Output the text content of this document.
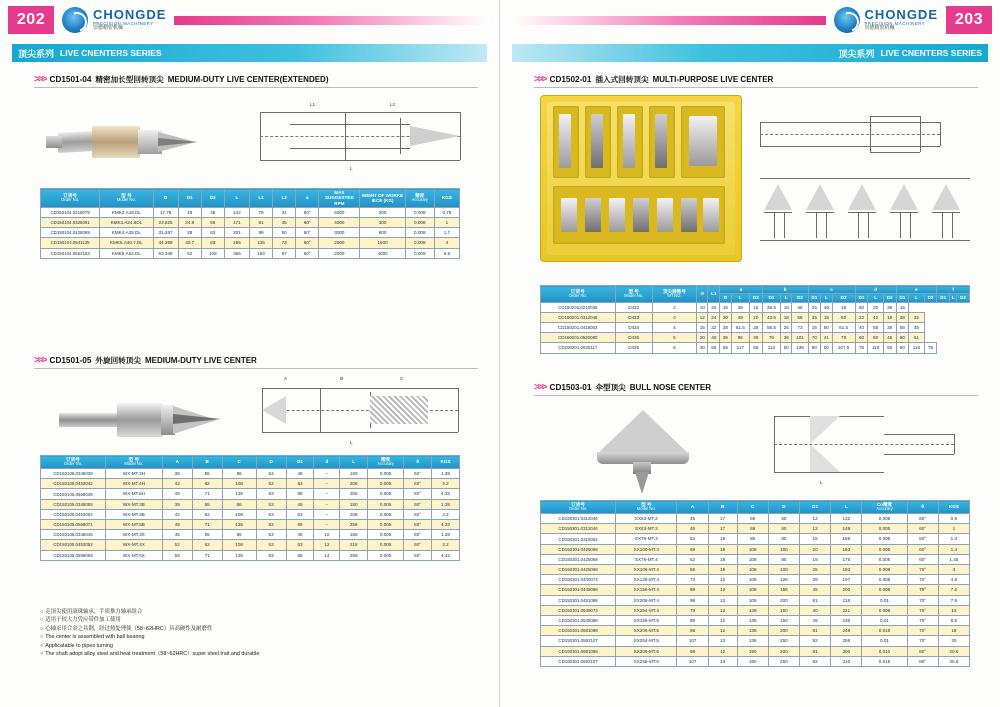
202	CHONGDE
PRECISION MACHINERY
崇德精密机械
顶尖系列 LIVE CNENTERS SERIES
>>> CD1501-04 精密加长型回转顶尖 MEDIUM-DUTY LIVE CENTER(EXTENDED)
L1	L2
L
订货号
Order No.	型 号
Model No.	D	D1	D2	L	L1	L2	a	MAX SUGGESTED RPM	WEIHT OF WORKE IECE (KG)	精度
Accurary	KGS
CD150104.0218079	KMK2.A18.DL	17.78	18	48	142	79	34	60°	5000	200	0.008	0.75
CD150104.0325091	KMK3.A24.6DL	23.825	24.8	56	171	91	45	60°	4000	300	0.008	1
CD150104.0428099	KMK4.A28.DL	31.267	28	63	201	99	50	60°	3000	600	0.008	1.7
CD150104.0541135	KMK5.A40.7.DL	44.399	40.7	83	265	135	73	60°	2500	1500	0.008	4
CD150104.0652183	KMK5.A52.DL	63.348	52	108	365	183	97	60°	2000	4000	0.008	9.8
>>> CD1501-05 外旋回转顶尖 MEDIUM-DUTY LIVE CENTER
A	B	C
L
订货号
Order No.	型 号
Model No.	A	B	C	D	D1	d	L	精度
Accurary	θ	KGS
CD150105.0345039	WX-MT.3H	39	55	86	53	45	--	180	0.005	60°	1.28
CD150105.0453042	WX-MT.4H	42	62	108	53	63	--	208	0.005	60°	2.2
CD150105.0568049	WX-MT.5H	49	71	136	83	68	--	256	0.005	60°	4.33
CD150105.0345055	WX-MT.3B	39	55	86	53	45	--	180	0.005	60°	1.28
CD150105.0453062	WX-MT.4B	42	62	108	63	63	--	208	0.005	60°	2.2
CD150105.0569071	WX-MT.5B	49	71	136	83	68	--	256	0.005	60°	4.33
CD150105.0345045	WX-MT.3X	45	55	86	53	45	10	186	0.005	60°	1.28
CD150105.0453052	WX-MT.4X	52	62	108	53	63	12	218	0.005	60°	2.2
CD150105.0568059	WX-MT.5X	59	71	136	83	68	14	266	0.005	60°	4.42
○ 走顶尖使用滚珠轴承，手质推力轴承组合
○ 适用于较大力凭应带件加工使用
○ 心轴采用合金之具钢，经过热处理使（58~62HRC）具高硬性及耐磨性
○ The center is assembled with ball bearing
○ Applicatable to pipes turning
○ The shaft adopt alloy steel and heat treatment（58~62HRC）super steel trait and durable
203
CHONGDE
PRECISION MACHINERY
崇德精密机械
顶尖系列 LIVE CNENTERS SERIES
>>> CD1502-01 插入式回转顶尖 MULTI-PURPOSE LIVE CENTER
订货号
Order No.	型 号
Model No.	顶尖圆锥号
MT.NO.	D	L1	a			b			c			d			e			f		
					D	L	D2	D1	L	D2	D1	L	D2	D1	L	D2	D1	L	D2	D1	L	D2
CD150201.0210039	D432	2	10	20	16	39	16	35.5	18	46	25	49	18	50	20	39	16					
CD150201.0312046	D433	3	12	24	20	48	20	43.5	18	56	35	15	50	22	42	18	38	22				
CD150201.0415002	D434	4	15	32	28	61.5	28	55.5	26	73	15	50	61.5	40	55	35	56	45				
CD150201.0520080	D435	5	20	40	36	86	36	76	36	101	70	41	78	60	80	45	80	61				
CD150201.0630117	D436	6	30	55	55	117	55	113	50	138	90	50	107.5	75	110	60	90	116	75			
>>> CD1503-01 伞型顶尖 BULL NOSE CENTER
L
订货号
Order No.	型 号
Model No.	A	B	C	D	D1	L	Co精度
Accurary	θ	KGS
CD150301.0312046	SX63-MT.2	45	17	69	60	12	132	0.005	60°	0.9
CD150301.0312046	SX63-MT.3	45	17	69	60	12	149	0.005	60°	1
CD150301.0315052	SX76-MT.3	52	18	86	80	15	156	0.005	60°	1.3
CD150301.0425069	SX100-MT.3	69	18	108	100	20	163	0.005	60°	1.4
CD150301.0425069	SX76-MT.4	52	18	108	80	15	178	0.005	60°	1.45
CD150301.0425069	SX106-MT.4	59	16	108	100	25	183	0.008	70°	3
CD150301.0440073	SX128-MT.4	73	12	108	128	39	197	0.008	70°	4.8
CD150301.0445088	SX156-MT.4	88	12	108	156	45	200	0.008	70°	7.6
CD150301.0481088	SX206-MT.4	98	12	108	200	81	218	0.01	70°	7.5
CD150301.0549073	SX254-MT.4	73	12	138	150	40	221	0.008	70°	13
CD150301.0545088	SX156-MT.5	88	12	138	150	45	236	0.01	70°	8.5
CD150301.0581098	SX206-MT.5	98	12	138	200	81	248	0.015	70°	18
CD150301.0592107	SX254-MT.5	107	13	138	250	92	256	0.01	70°	20
CD150301.0681098	SX206-MT.6	98	12	190	200	81	300	0.010	80°	20.6
CD150301.0692107	SX258-MT.6	107	13	190	250	92	310	0.015	80°	30.6
